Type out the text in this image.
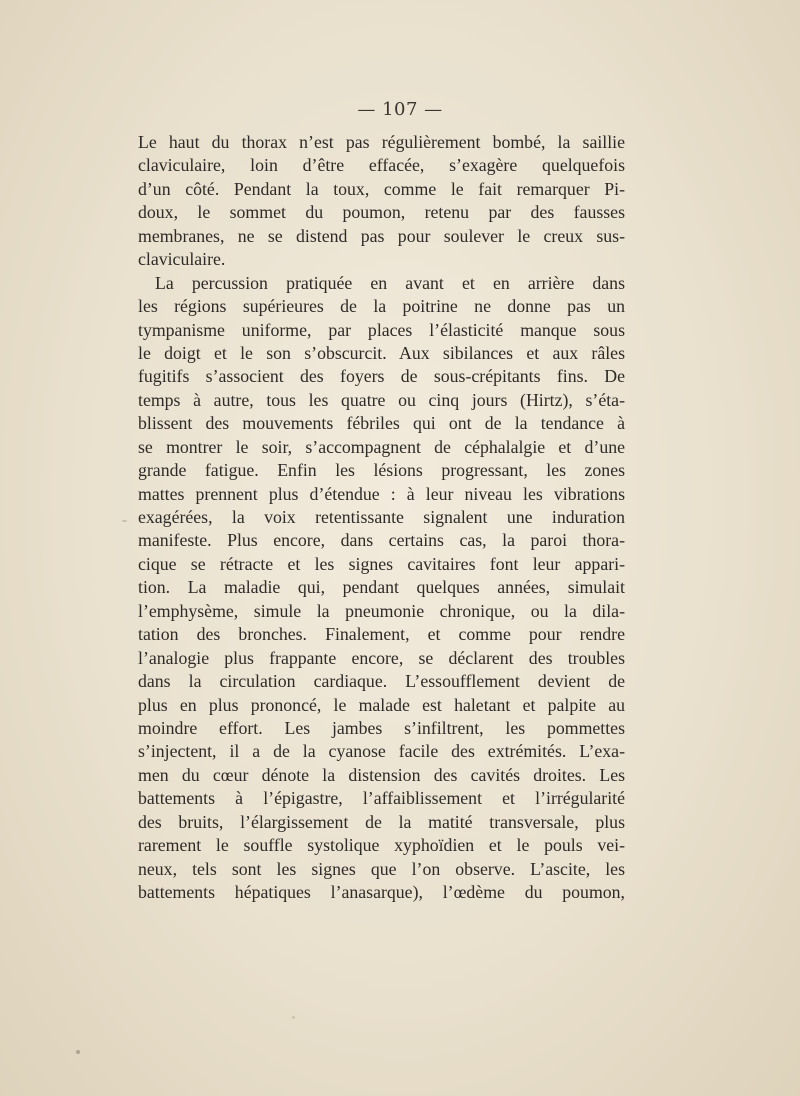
— 107 —
Le haut du thorax n’est pas régulièrement bombé, la saillie
claviculaire, loin d’être effacée, s’exagère quelquefois
d’un côté. Pendant la toux, comme le fait remarquer Pi-
doux, le sommet du poumon, retenu par des fausses
membranes, ne se distend pas pour soulever le creux sus-
claviculaire.
La percussion pratiquée en avant et en arrière dans
les régions supérieures de la poitrine ne donne pas un
tympanisme uniforme, par places l’élasticité manque sous
le doigt et le son s’obscurcit. Aux sibilances et aux râles
fugitifs s’associent des foyers de sous-crépitants fins. De
temps à autre, tous les quatre ou cinq jours (Hirtz), s’éta-
blissent des mouvements fébriles qui ont de la tendance à
se montrer le soir, s’accompagnent de céphalalgie et d’une
grande fatigue. Enfin les lésions progressant, les zones
mattes prennent plus d’étendue : à leur niveau les vibrations
exagérées, la voix retentissante signalent une induration
manifeste. Plus encore, dans certains cas, la paroi thora-
cique se rétracte et les signes cavitaires font leur appari-
tion. La maladie qui, pendant quelques années, simulait
l’emphysème, simule la pneumonie chronique, ou la dila-
tation des bronches. Finalement, et comme pour rendre
l’analogie plus frappante encore, se déclarent des troubles
dans la circulation cardiaque. L’essoufflement devient de
plus en plus prononcé, le malade est haletant et palpite au
moindre effort. Les jambes s’infiltrent, les pommettes
s’injectent, il a de la cyanose facile des extrémités. L’exa-
men du cœur dénote la distension des cavités droites. Les
battements à l’épigastre, l’affaiblissement et l’irrégularité
des bruits, l’élargissement de la matité transversale, plus
rarement le souffle systolique xyphoïdien et le pouls vei-
neux, tels sont les signes que l’on observe. L’ascite, les
battements hépatiques l’anasarque), l’œdème du poumon,
